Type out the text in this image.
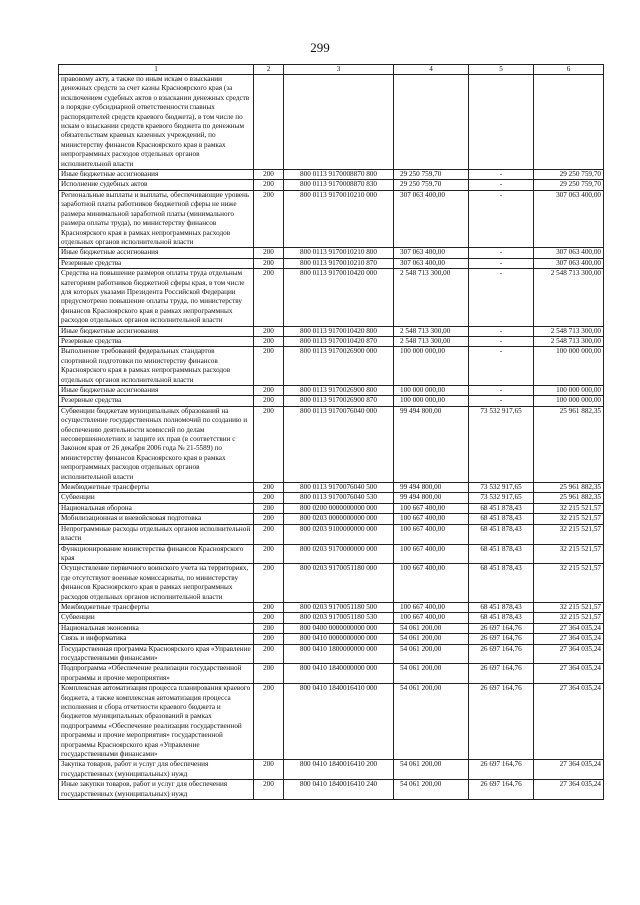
299
1	2	3	4	5	6
правовому акту, а также по иным искам о взыскании денежных средств за счет казны Красноярского края (за исключением судебных актов о взыскании денежных средств в порядке субсидиарной ответственности главных распорядителей средств краевого бюджета), в том числе по искам о взыскании средств краевого бюджета по денежным обязательствам краевых казенных учреждений, по министерству финансов Красноярского края в рамках непрограммных расходов отдельных органов исполнительной власти					
Иные бюджетные ассигнования	200	800 0113 9170008870 800	29 250 759,70	-	29 250 759,70
Исполнение судебных актов	200	800 0113 9170008870 830	29 250 759,70	-	29 250 759,70
Региональные выплаты и выплаты, обеспечивающие уровень заработной платы работников бюджетной сферы не ниже размера минимальной заработной платы (минимального размера оплаты труда), по министерству финансов Красноярского края в рамках непрограммных расходов отдельных органов исполнительной власти	200	800 0113 9170010210 000	307 063 400,00	-	307 063 400,00
Иные бюджетные ассигнования	200	800 0113 9170010210 800	307 063 400,00	-	307 063 400,00
Резервные средства	200	800 0113 9170010210 870	307 063 400,00	-	307 063 400,00
Средства на повышение размеров оплаты труда отдельным категориям работников бюджетной сферы края, в том числе для которых указами Президента Российской Федерации предусмотрено повышение оплаты труда, по министерству финансов Красноярского края в рамках непрограммных расходов отдельных органов исполнительной власти	200	800 0113 9170010420 000	2 548 713 300,00	-	2 548 713 300,00
Иные бюджетные ассигнования	200	800 0113 9170010420 800	2 548 713 300,00	-	2 548 713 300,00
Резервные средства	200	800 0113 9170010420 870	2 548 713 300,00	-	2 548 713 300,00
Выполнение требований федеральных стандартов спортивной подготовки по министерству финансов Красноярского края в рамках непрограммных расходов отдельных органов исполнительной власти	200	800 0113 9170026900 000	100 000 000,00	-	100 000 000,00
Иные бюджетные ассигнования	200	800 0113 9170026900 800	100 000 000,00	-	100 000 000,00
Резервные средства	200	800 0113 9170026900 870	100 000 000,00	-	100 000 000,00
Субвенции бюджетам муниципальных образований на осуществление государственных полномочий по созданию и обеспечению деятельности комиссий по делам несовершеннолетних и защите их прав (в соответствии с Законом края от 26 декабря 2006 года № 21-5589) по министерству финансов Красноярского края в рамках непрограммных расходов отдельных органов исполнительной власти	200	800 0113 9170076040 000	99 494 800,00	73 532 917,65	25 961 882,35
Межбюджетные трансферты	200	800 0113 9170076040 500	99 494 800,00	73 532 917,65	25 961 882,35
Субвенции	200	800 0113 9170076040 530	99 494 800,00	73 532 917,65	25 961 882,35
Национальная оборона	200	800 0200 0000000000 000	100 667 400,00	68 451 878,43	32 215 521,57
Мобилизационная и вневойсковая подготовка	200	800 0203 0000000000 000	100 667 400,00	68 451 878,43	32 215 521,57
Непрограммные расходы отдельных органов исполнительной власти	200	800 0203 9100000000 000	100 667 400,00	68 451 878,43	32 215 521,57
Функционирование министерства финансов Красноярского края	200	800 0203 9170000000 000	100 667 400,00	68 451 878,43	32 215 521,57
Осуществление первичного воинского учета на территориях, где отсутствуют военные комиссариаты, по министерству финансов Красноярского края в рамках непрограммных расходов отдельных органов исполнительной власти	200	800 0203 9170051180 000	100 667 400,00	68 451 878,43	32 215 521,57
Межбюджетные трансферты	200	800 0203 9170051180 500	100 667 400,00	68 451 878,43	32 215 521,57
Субвенции	200	800 0203 9170051180 530	100 667 400,00	68 451 878,43	32 215 521,57
Национальная экономика	200	800 0400 0000000000 000	54 061 200,00	26 697 164,76	27 364 035,24
Связь и информатика	200	800 0410 0000000000 000	54 061 200,00	26 697 164,76	27 364 035,24
Государственная программа Красноярского края «Управление государственными финансами»	200	800 0410 1800000000 000	54 061 200,00	26 697 164,76	27 364 035,24
Подпрограмма «Обеспечение реализации государственной программы и прочие мероприятия»	200	800 0410 1840000000 000	54 061 200,00	26 697 164,76	27 364 035,24
Комплексная автоматизация процесса планирования краевого бюджета, а также комплексная автоматизация процесса исполнения и сбора отчетности краевого бюджета и бюджетов муниципальных образований в рамках подпрограммы «Обеспечение реализации государственной программы и прочие мероприятия» государственной программы Красноярского края «Управление государственными финансами»	200	800 0410 1840016410 000	54 061 200,00	26 697 164,76	27 364 035,24
Закупка товаров, работ и услуг для обеспечения государственных (муниципальных) нужд	200	800 0410 1840016410 200	54 061 200,00	26 697 164,76	27 364 035,24
Иные закупки товаров, работ и услуг для обеспечения государственных (муниципальных) нужд	200	800 0410 1840016410 240	54 061 200,00	26 697 164,76	27 364 035,24
